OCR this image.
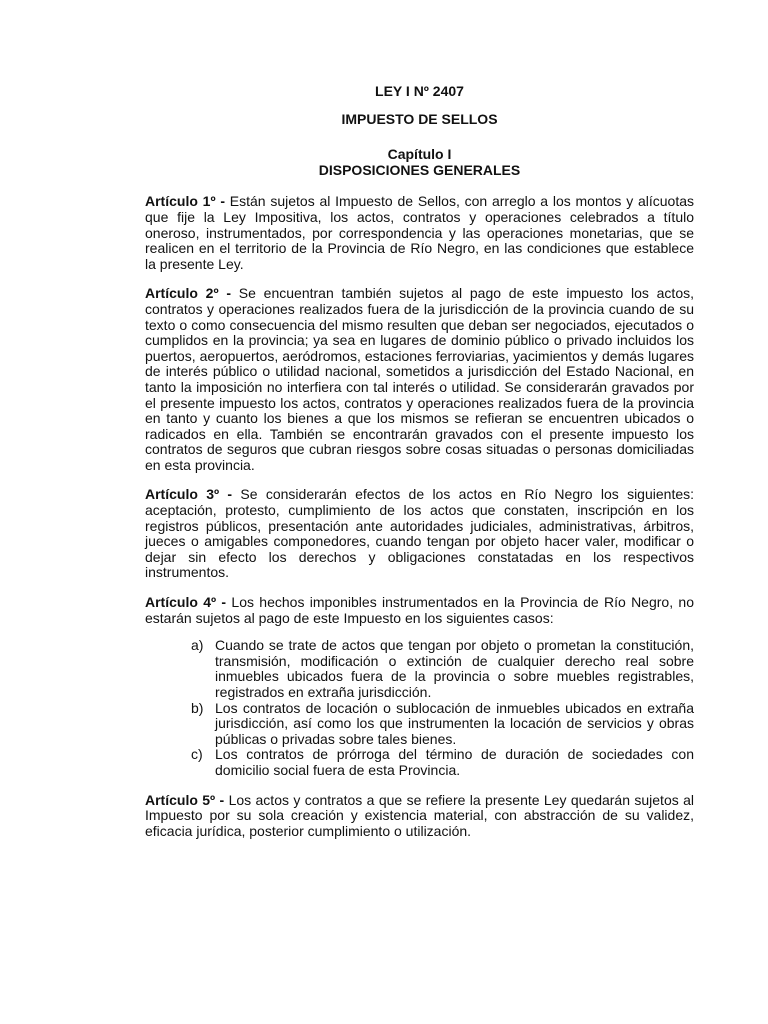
LEY I Nº 2407
IMPUESTO DE SELLOS
Capítulo I
DISPOSICIONES GENERALES

Artículo 1º - Están sujetos al Impuesto de Sellos, con arreglo a los montos y alícuotas que fije la Ley Impositiva, los actos, contratos y operaciones celebrados a título oneroso, instrumentados, por correspondencia y las operaciones monetarias, que se realicen en el territorio de la Provincia de Río Negro, en las condiciones que establece la presente Ley.

Artículo 2º - Se encuentran también sujetos al pago de este impuesto los actos, contratos y operaciones realizados fuera de la jurisdicción de la provincia cuando de su texto o como consecuencia del mismo resulten que deban ser negociados, ejecutados o cumplidos en la provincia; ya sea en lugares de dominio público o privado incluidos los puertos, aeropuertos, aeródromos, estaciones ferroviarias, yacimientos y demás lugares de interés público o utilidad nacional, sometidos a jurisdicción del Estado Nacional, en tanto la imposición no interfiera con tal interés o utilidad. Se considerarán gravados por el presente impuesto los actos, contratos y operaciones realizados fuera de la provincia en tanto y cuanto los bienes a que los mismos se refieran se encuentren ubicados o radicados en ella. También se encontrarán gravados con el presente impuesto los contratos de seguros que cubran riesgos sobre cosas situadas o personas domiciliadas en esta provincia.

Artículo 3º - Se considerarán efectos de los actos en Río Negro los siguientes: aceptación, protesto, cumplimiento de los actos que constaten, inscripción en los registros públicos, presentación ante autoridades judiciales, administrativas, árbitros, jueces o amigables componedores, cuando tengan por objeto hacer valer, modificar o dejar sin efecto los derechos y obligaciones constatadas en los respectivos instrumentos.

Artículo 4º - Los hechos imponibles instrumentados en la Provincia de Río Negro, no estarán sujetos al pago de este Impuesto en los siguientes casos:

a) Cuando se trate de actos que tengan por objeto o prometan la constitución, transmisión, modificación o extinción de cualquier derecho real sobre inmuebles ubicados fuera de la provincia o sobre muebles registrables, registrados en extraña jurisdicción.
b) Los contratos de locación o sublocación de inmuebles ubicados en extraña jurisdicción, así como los que instrumenten la locación de servicios y obras públicas o privadas sobre tales bienes.
c) Los contratos de prórroga del término de duración de sociedades con domicilio social fuera de esta Provincia.

Artículo 5º - Los actos y contratos a que se refiere la presente Ley quedarán sujetos al Impuesto por su sola creación y existencia material, con abstracción de su validez, eficacia jurídica, posterior cumplimiento o utilización.
